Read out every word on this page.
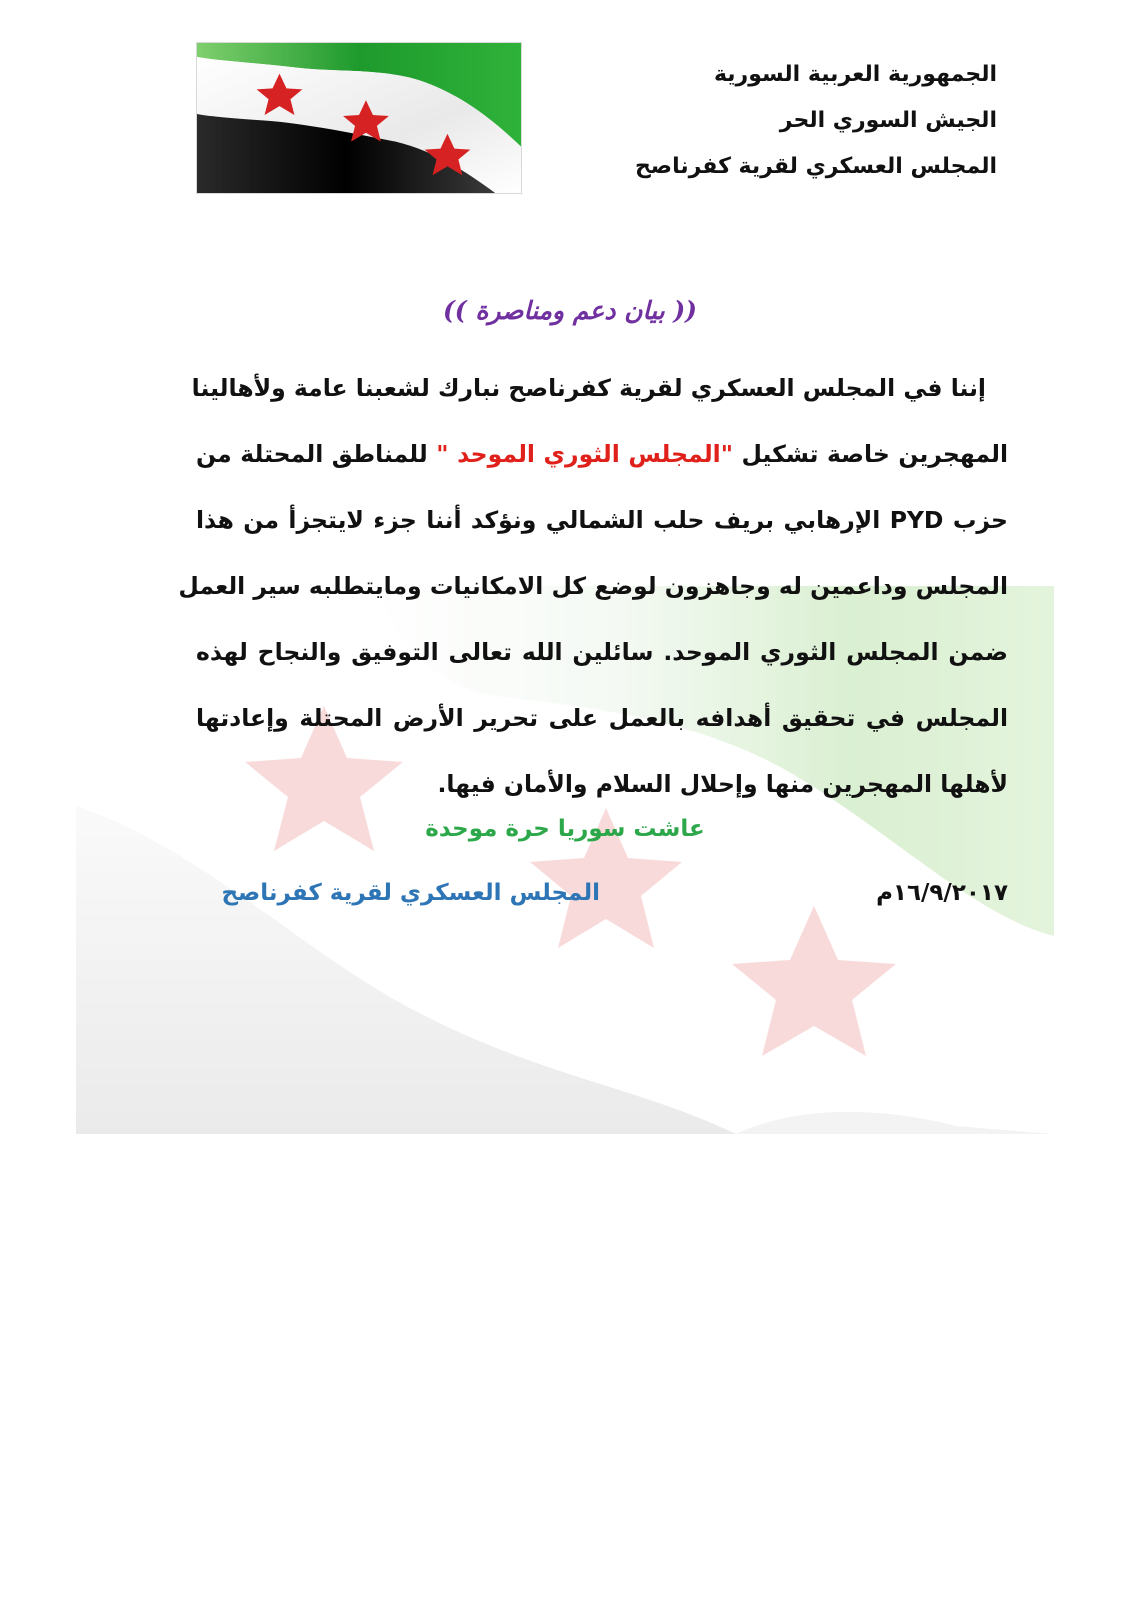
الجمهورية العربية السورية
الجيش السوري الحر
المجلس العسكري لقرية كفرناصح
(( بيان دعم ومناصرة ))
إننا في المجلس العسكري لقرية كفرناصح نبارك لشعبنا عامة ولأهالينا
المهجرين خاصة تشكيل "المجلس الثوري الموحد " للمناطق المحتلة من
حزب PYD الإرهابي بريف حلب الشمالي ونؤكد أننا جزء لايتجزأ من هذا
المجلس وداعمين له وجاهزون لوضع كل الامكانيات ومايتطلبه سير العمل
ضمن المجلس الثوري الموحد. سائلين الله تعالى التوفيق والنجاح لهذه
المجلس في تحقيق أهدافه بالعمل على تحرير الأرض المحتلة وإعادتها
لأهلها المهجرين منها وإحلال السلام والأمان فيها.
عاشت سوريا حرة موحدة
المجلس العسكري لقرية كفرناصح	١٦/٩/٢٠١٧م
